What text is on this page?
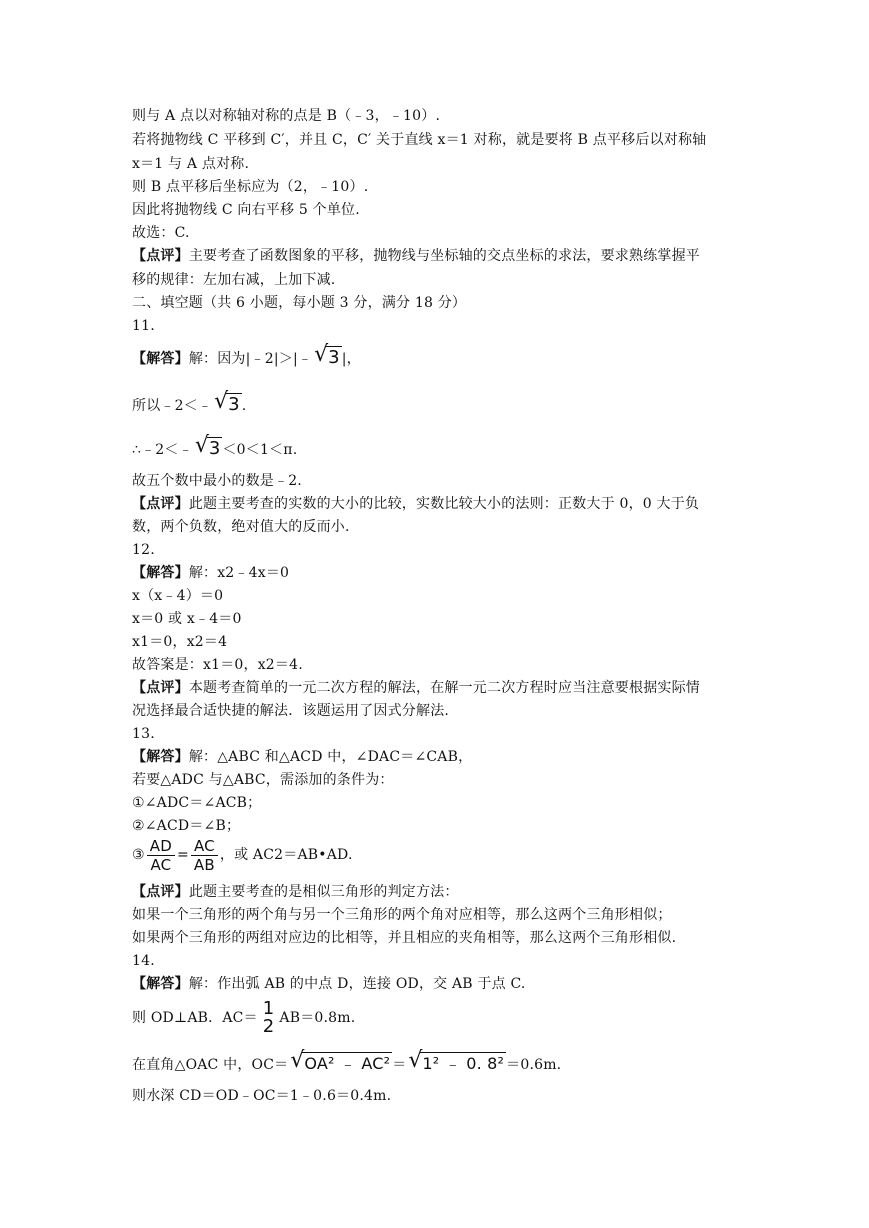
则与 A 点以对称轴对称的点是 B（﹣3，﹣10）.
若将抛物线 C 平移到 C′，并且 C，C′ 关于直线 x＝1 对称，就是要将 B 点平移后以对称轴
x＝1 与 A 点对称.
则 B 点平移后坐标应为（2，﹣10）.
因此将抛物线 C 向右平移 5 个单位.
故选：C.
【点评】主要考查了函数图象的平移，抛物线与坐标轴的交点坐标的求法，要求熟练掌握平
移的规律：左加右减，上加下减.
二、填空题（共 6 小题，每小题 3 分，满分 18 分）
11.
【解答】解：因为|﹣2|＞|﹣ √ 3 |，
所以﹣2＜﹣ √ 3 .
∴﹣2＜﹣ √ 3 ＜0＜1＜π.
故五个数中最小的数是﹣2.
【点评】此题主要考查的实数的大小的比较，实数比较大小的法则：正数大于 0，0 大于负
数，两个负数，绝对值大的反而小.
12.
【解答】解：x2﹣4x＝0
x（x﹣4）＝0
x＝0 或 x﹣4＝0
x1＝0，x2＝4
故答案是：x1＝0，x2＝4.
【点评】本题考查简单的一元二次方程的解法，在解一元二次方程时应当注意要根据实际情
况选择最合适快捷的解法．该题运用了因式分解法.
13.
【解答】解：△ABC 和△ACD 中，∠DAC＝∠CAB，
若要△ADC 与△ABC，需添加的条件为：
①∠ADC＝∠ACB；
②∠ACD＝∠B；
③ $\frac{AD}{AC} = \frac{AC}{AB}$ ，或 AC2＝AB•AD.
【点评】此题主要考查的是相似三角形的判定方法：
如果一个三角形的两个角与另一个三角形的两个角对应相等，那么这两个三角形相似；
如果两个三角形的两组对应边的比相等，并且相应的夹角相等，那么这两个三角形相似.
14.
【解答】解：作出弧 AB 的中点 D，连接 OD，交 AB 于点 C.
则 OD⊥AB．AC＝ 1
2 AB＝0.8m.
在直角△OAC 中，OC＝ √ OA² ﹣ AC² ＝ √ 1² ﹣ 0. 8² ＝0.6m.
则水深 CD＝OD﹣OC＝1﹣0.6＝0.4m.
